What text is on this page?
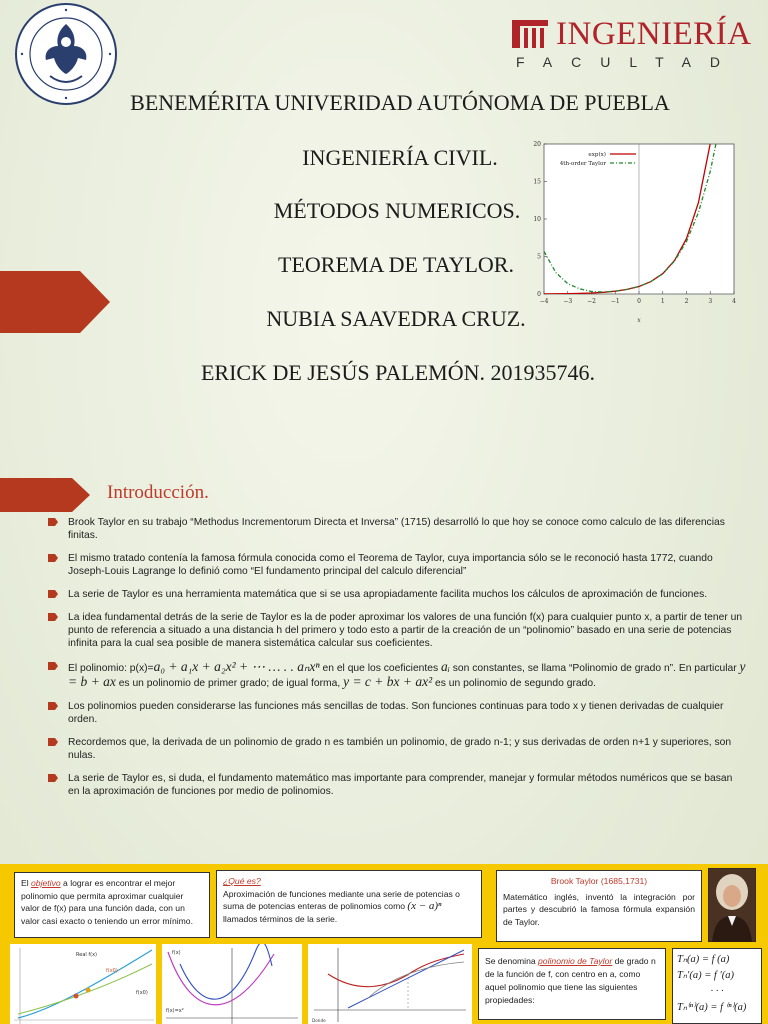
INGENIERÍA
FACULTAD
BENEMÉRITA UNIVERIDAD AUTÓNOMA DE PUEBLA
INGENIERÍA CIVIL.
MÉTODOS NUMERICOS.
TEOREMA DE TAYLOR.
NUBIA SAAVEDRA CRUZ.
ERICK DE JESÚS PALEMÓN. 201935746.
−4 −3 −2 −1	0	1	2	3	4
0
5
10
15
20
exp(x)
4th-order Taylor
x
Introducción.
Brook Taylor en su trabajo “Methodus Incrementorum Directa et Inversa” (1715) desarrolló lo que hoy se conoce como calculo de las diferencias finitas.
El mismo tratado contenía la famosa fórmula conocida como el Teorema de Taylor, cuya importancia sólo se le reconoció hasta 1772, cuando Joseph-Louis Lagrange lo definió como “El fundamento principal del calculo diferencial”
La serie de Taylor es una herramienta matemática que si se usa apropiadamente facilita muchos los cálculos de aproximación de funciones.
La idea fundamental detrás de la serie de Taylor es la de poder aproximar los valores de una función f(x) para cualquier punto x, a partir de tener un punto de referencia a situado a una distancia h del primero y todo esto a partir de la creación de un “polinomio” basado en una serie de potencias infinita para la cual sea posible de manera sistemática calcular sus coeficientes.
El polinomio: p(x)=a₀ + a₁x + a₂x² + ⋯ … . . aₙxⁿ en el que los coeficientes aᵢ son constantes, se llama “Polinomio de grado n”. En particular y = b + ax es un polinomio de primer grado; de igual forma, y = c + bx + ax² es un polinomio de segundo grado.
Los polinomios pueden considerarse las funciones más sencillas de todas. Son funciones continuas para todo x y tienen derivadas de cualquier orden.
Recordemos que, la derivada de un polinomio de grado n es también un polinomio, de grado n-1; y sus derivadas de orden n+1 y superiores, son nulas.
La serie de Taylor es, si duda, el fundamento matemático mas importante para comprender, manejar y formular métodos numéricos que se basan en la aproximación de funciones por medio de polinomios.
El objetivo a lograr es encontrar el mejor polinomio que permita aproximar cualquier valor de f(x) para una función dada, con un valor casi exacto o teniendo un error mínimo.
¿Qué es?
Aproximación de funciones mediante una serie de potencias o suma de potencias enteras de polinomios como (x − a)ⁿ llamados términos de la serie.
Brook Taylor (1685,1731)
Matemático inglés, inventó la integración por partes y descubrió la famosa fórmula expansión de Taylor.
Real f(x)
f(x0)
f(x0)
f(x)
f(x)=x²
Donde
Se denomina polinomio de Taylor de grado n de la función de f, con centro en a, como aquel polinomio que tiene las siguientes propiedades:
Tₙ(a) = f (a)
Tₙ′(a) = f ′(a)
· · ·
Tₙ⁽ⁿ⁾(a) = f ⁽ⁿ⁾(a)
